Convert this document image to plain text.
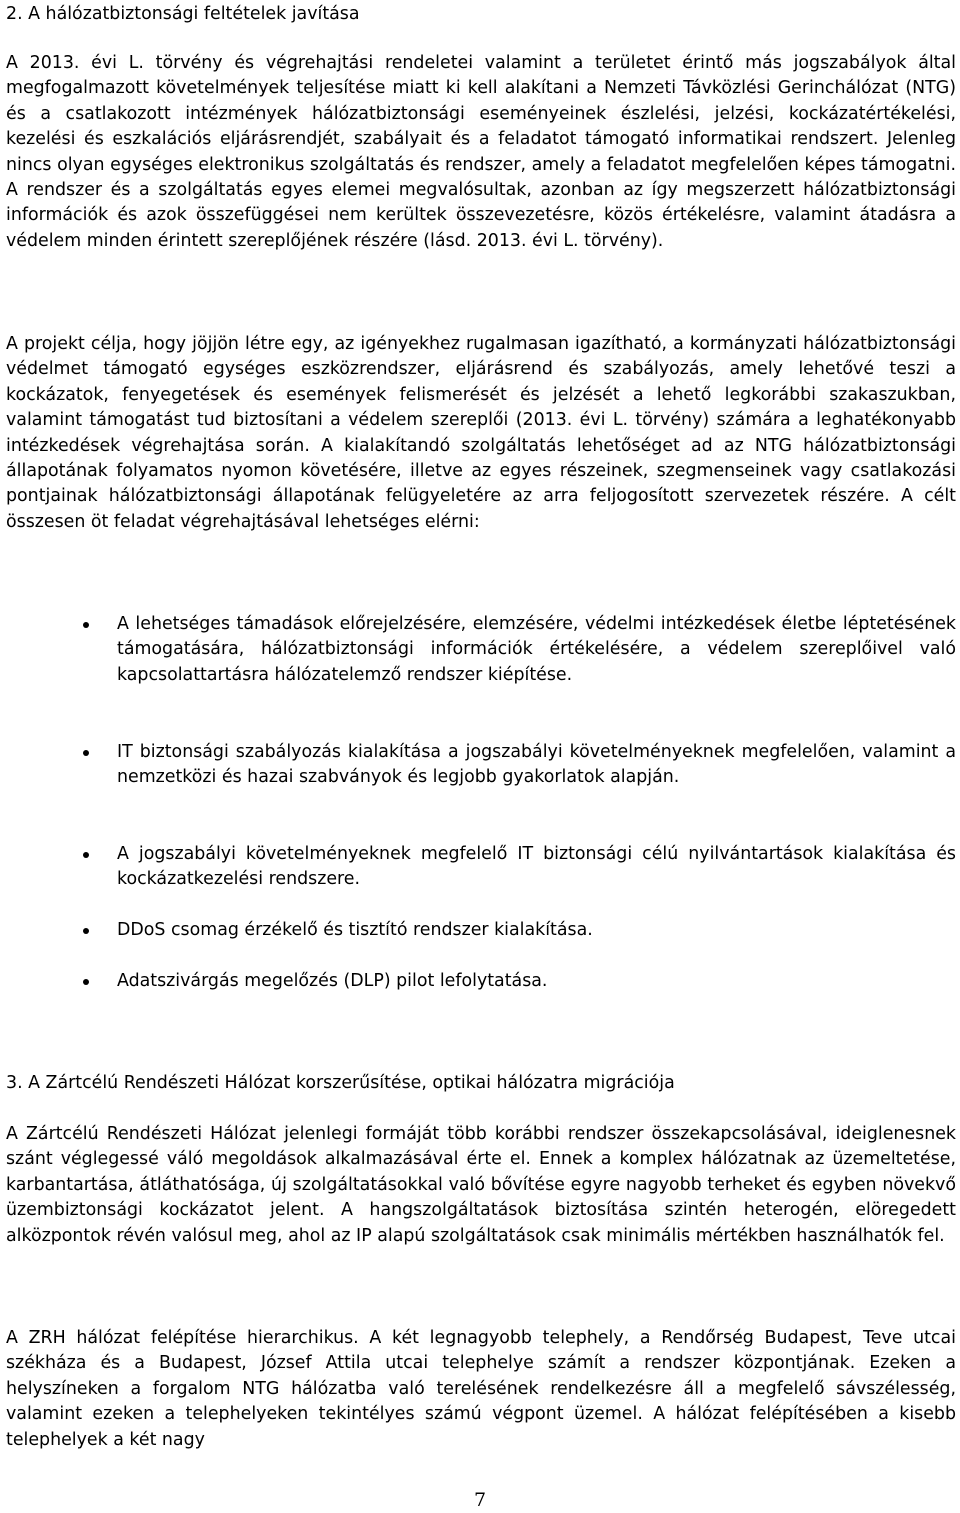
2. A hálózatbiztonsági feltételek javítása

A 2013. évi L. törvény és végrehajtási rendeletei valamint a területet érintő más jogszabályok által megfogalmazott követelmények teljesítése miatt ki kell alakítani a Nemzeti Távközlési Gerinchálózat (NTG) és a csatlakozott intézmények hálózatbiztonsági eseményeinek észlelési, jelzési, kockázatértékelési, kezelési és eszkalációs eljárásrendjét, szabályait és a feladatot támogató informatikai rendszert. Jelenleg nincs olyan egységes elektronikus szolgáltatás és rendszer, amely a feladatot megfelelően képes támogatni. A rendszer és a szolgáltatás egyes elemei megvalósultak, azonban az így megszerzett hálózatbiztonsági információk és azok összefüggései nem kerültek összevezetésre, közös értékelésre, valamint átadásra a védelem minden érintett szereplőjének részére (lásd. 2013. évi L. törvény).

A projekt célja, hogy jöjjön létre egy, az igényekhez rugalmasan igazítható, a kormányzati hálózatbiztonsági védelmet támogató egységes eszközrendszer, eljárásrend és szabályozás, amely lehetővé teszi a kockázatok, fenyegetések és események felismerését és jelzését a lehető legkorábbi szakaszukban, valamint támogatást tud biztosítani a védelem szereplői (2013. évi L. törvény) számára a leghatékonyabb intézkedések végrehajtása során. A kialakítandó szolgáltatás lehetőséget ad az NTG hálózatbiztonsági állapotának folyamatos nyomon követésére, illetve az egyes részeinek, szegmenseinek vagy csatlakozási pontjainak hálózatbiztonsági állapotának felügyeletére az arra feljogosított szervezetek részére. A célt összesen öt feladat végrehajtásával lehetséges elérni:

A lehetséges támadások előrejelzésére, elemzésére, védelmi intézkedések életbe léptetésének támogatására, hálózatbiztonsági információk értékelésére, a védelem szereplőivel való kapcsolattartásra hálózatelemző rendszer kiépítése.
IT biztonsági szabályozás kialakítása a jogszabályi követelményeknek megfelelően, valamint a nemzetközi és hazai szabványok és legjobb gyakorlatok alapján.
A jogszabályi követelményeknek megfelelő IT biztonsági célú nyilvántartások kialakítása és kockázatkezelési rendszere.
DDoS csomag érzékelő és tisztító rendszer kialakítása.
Adatszivárgás megelőzés (DLP) pilot lefolytatása.
3. A Zártcélú Rendészeti Hálózat korszerűsítése, optikai hálózatra migrációja

A Zártcélú Rendészeti Hálózat jelenlegi formáját több korábbi rendszer összekapcsolásával, ideiglenesnek szánt véglegessé váló megoldások alkalmazásával érte el. Ennek a komplex hálózatnak az üzemeltetése, karbantartása, átláthatósága, új szolgáltatásokkal való bővítése egyre nagyobb terheket és egyben növekvő üzembiztonsági kockázatot jelent. A hangszolgáltatások biztosítása szintén heterogén, elöregedett alközpontok révén valósul meg, ahol az IP alapú szolgáltatások csak minimális mértékben használhatók fel.

A ZRH hálózat felépítése hierarchikus. A két legnagyobb telephely, a Rendőrség Budapest, Teve utcai székháza és a Budapest, József Attila utcai telephelye számít a rendszer központjának. Ezeken a helyszíneken a forgalom NTG hálózatba való terelésének rendelkezésre áll a megfelelő sávszélesség, valamint ezeken a telephelyeken tekintélyes számú végpont üzemel. A hálózat felépítésében a kisebb telephelyek a két nagy

7
